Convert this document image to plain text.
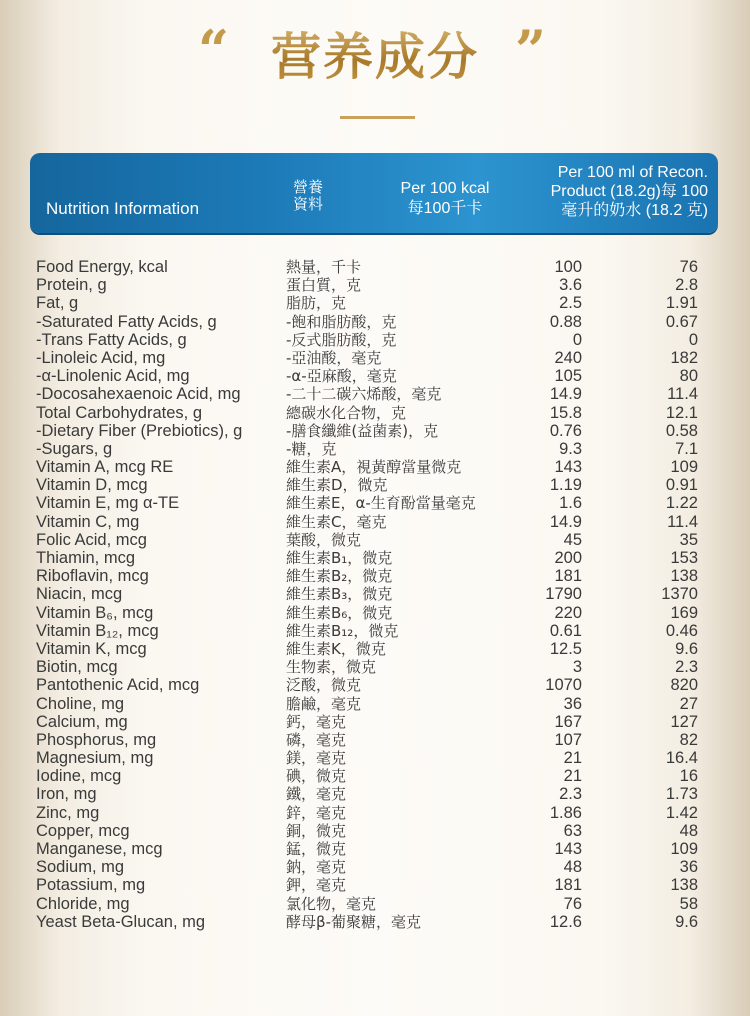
“ 营养成分 ”
Nutrition Information
營養
資料
Per 100 kcal
每100千卡
Per 100 ml of Recon.
Product (18.2g)每 100
毫升的奶水 (18.2 克)
Food Energy, kcal	熱量，千卡	100	76
Protein, g	蛋白質，克	3.6	2.8
Fat, g	脂肪，克	2.5	1.91
-Saturated Fatty Acids, g	-飽和脂肪酸，克	0.88	0.67
-Trans Fatty Acids, g	-反式脂肪酸，克	0	0
-Linoleic Acid, mg	-亞油酸，毫克	240	182
-α-Linolenic Acid, mg	-α-亞麻酸，毫克	105	80
-Docosahexaenoic Acid, mg	-二十二碳六烯酸，毫克	14.9	11.4
Total Carbohydrates, g	總碳水化合物，克	15.8	12.1
-Dietary Fiber (Prebiotics), g	-膳食纖維(益菌素)，克	0.76	0.58
-Sugars, g	-糖，克	9.3	7.1
Vitamin A, mcg RE	維生素A，視黃醇當量微克	143	109
Vitamin D, mcg	維生素D，微克	1.19	0.91
Vitamin E, mg α-TE	維生素E，α-生育酚當量毫克	1.6	1.22
Vitamin C, mg	維生素C，毫克	14.9	11.4
Folic Acid, mcg	葉酸，微克	45	35
Thiamin, mcg	維生素B₁，微克	200	153
Riboflavin, mcg	維生素B₂，微克	181	138
Niacin, mcg	維生素B₃，微克	1790	1370
Vitamin B₆, mcg	維生素B₆，微克	220	169
Vitamin B₁₂, mcg	維生素B₁₂，微克	0.61	0.46
Vitamin K, mcg	維生素K，微克	12.5	9.6
Biotin, mcg	生物素，微克	3	2.3
Pantothenic Acid, mcg	泛酸，微克	1070	820
Choline, mg	膽鹼，毫克	36	27
Calcium, mg	鈣，毫克	167	127
Phosphorus, mg	磷，毫克	107	82
Magnesium, mg	鎂，毫克	21	16.4
Iodine, mcg	碘，微克	21	16
Iron, mg	鐵，毫克	2.3	1.73
Zinc, mg	鋅，毫克	1.86	1.42
Copper, mcg	銅，微克	63	48
Manganese, mcg	錳，微克	143	109
Sodium, mg	鈉，毫克	48	36
Potassium, mg	鉀，毫克	181	138
Chloride, mg	氯化物，毫克	76	58
Yeast Beta-Glucan, mg	酵母β-葡聚糖，毫克	12.6	9.6
